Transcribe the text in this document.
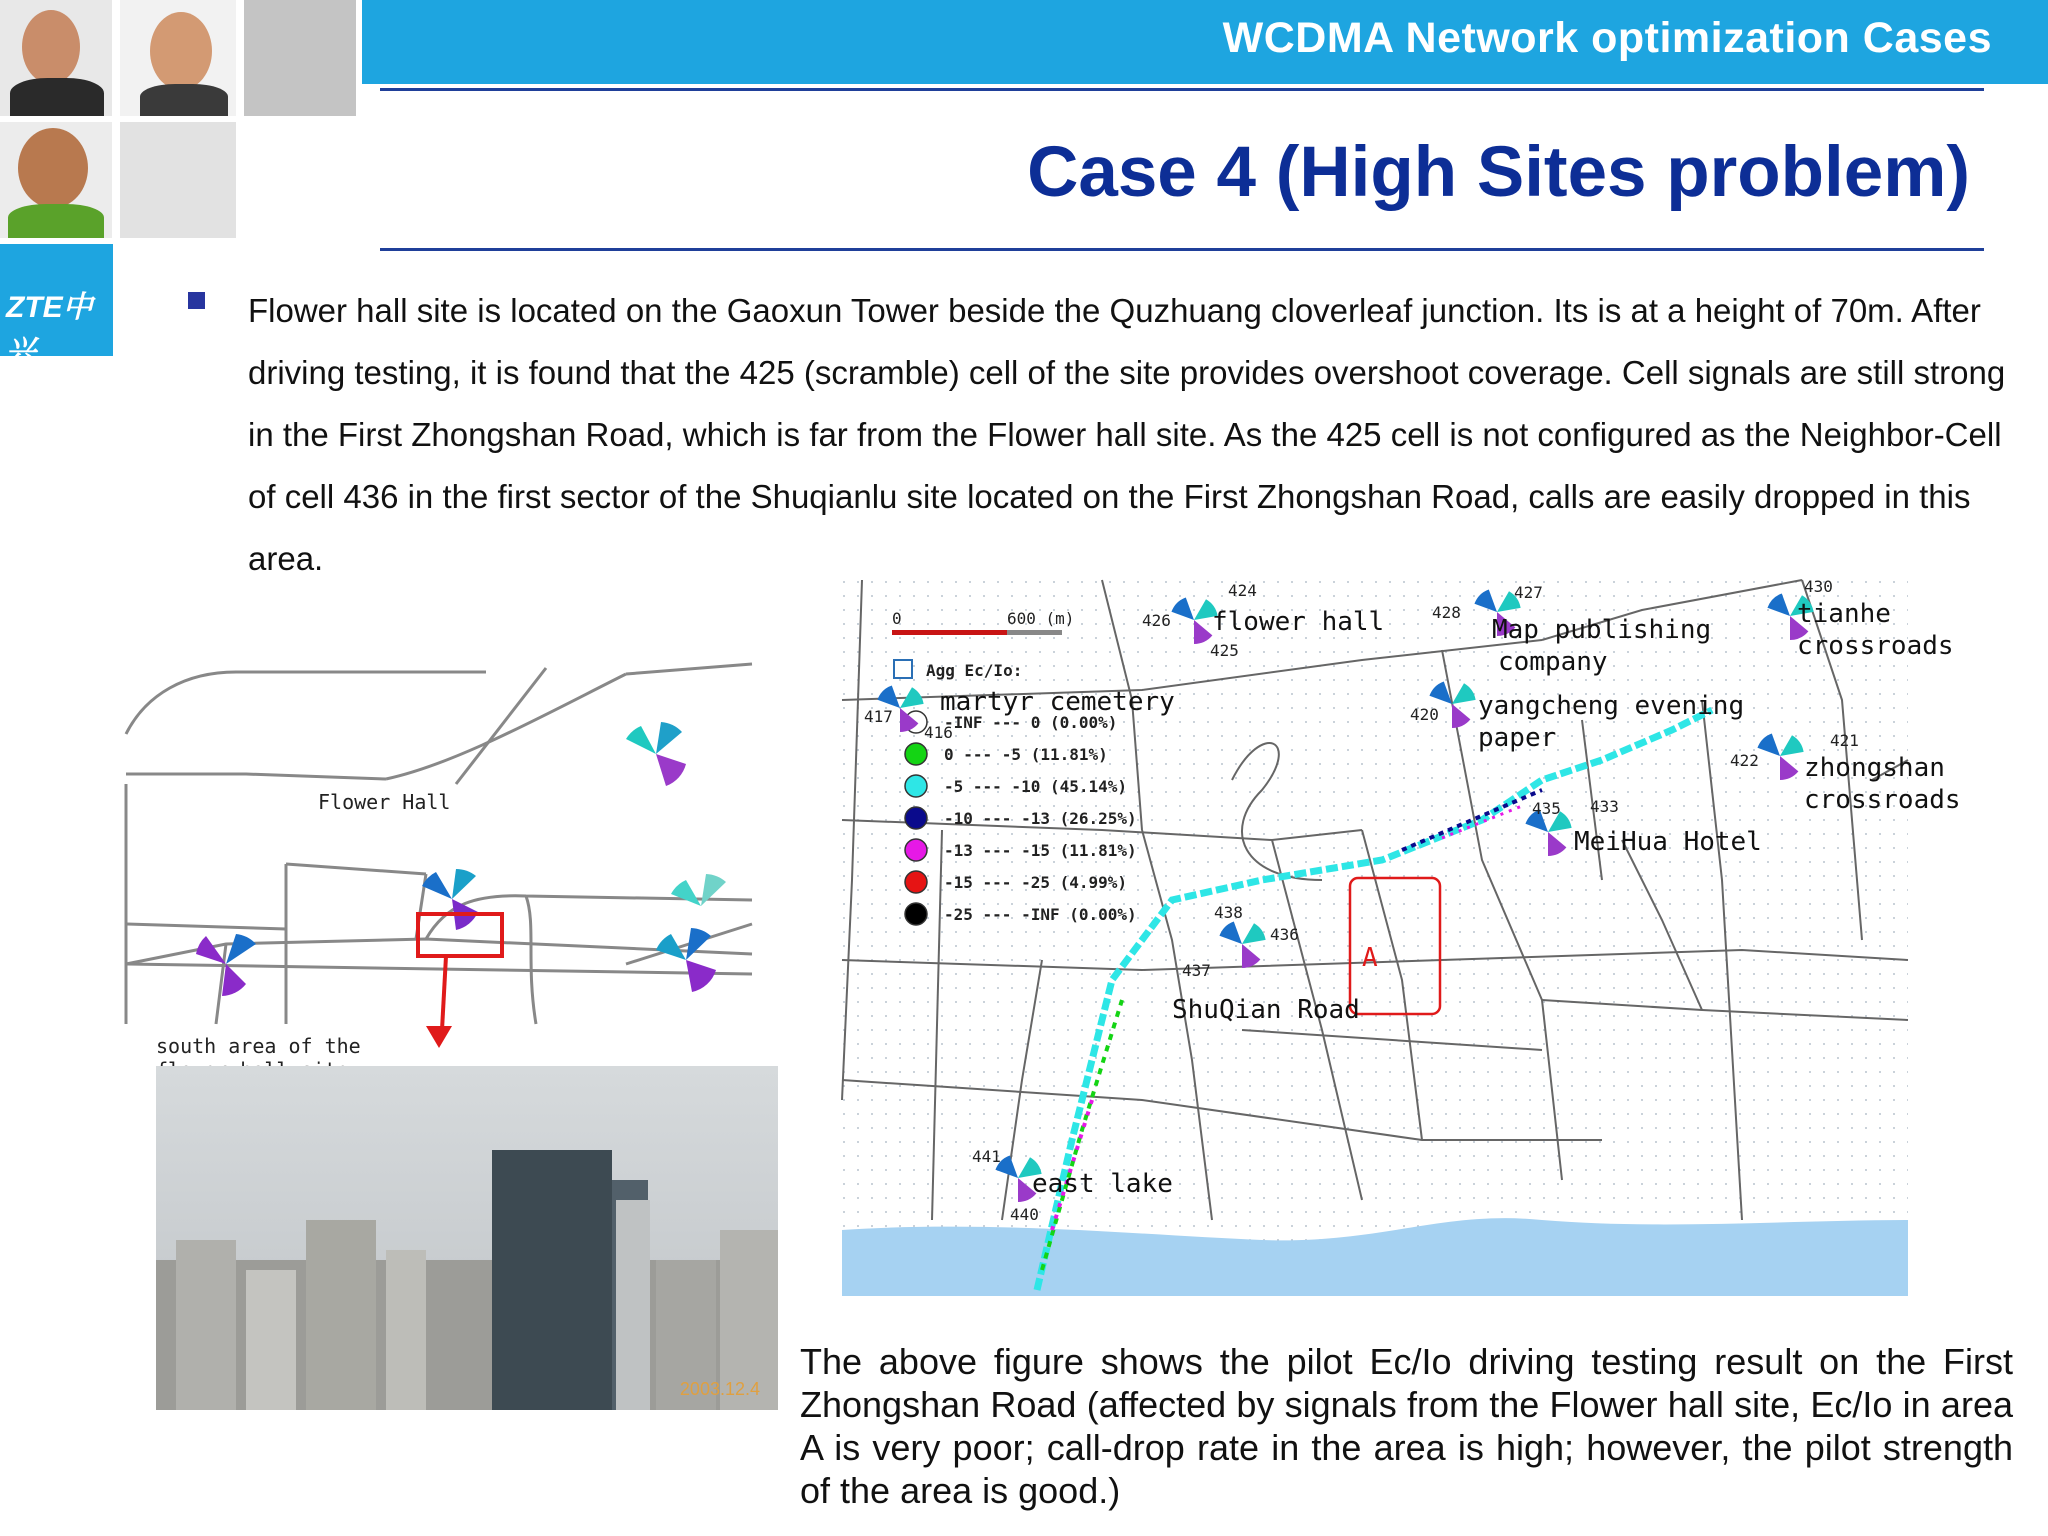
WCDMA Network optimization Cases
ZTE中兴
Case 4 (High Sites problem)

Flower hall site is located on the Gaoxun Tower beside the Quzhuang cloverleaf junction. Its is at a height of 70m. After driving testing, it is found that the 425 (scramble) cell of the site provides overshoot coverage. Cell signals are still strong in the First Zhongshan Road, which is far from the Flower hall site. As the 425 cell is not configured as the Neighbor-Cell of cell 436 in the first sector of the Shuqianlu site located on the First Zhongshan Road, calls are easily dropped in this area.

Flower Hall
south area of the
2003.12.4
A
0	600 (m)
Agg Ec/Io:
-INF --- 0 (0.00%)
0 --- -5 (11.81%)
-5 --- -10 (45.14%)
-10 --- -13 (26.25%)
-13 --- -15 (11.81%)
-15 --- -25 (4.99%)
-25 --- -INF (0.00%)
flower hall	Map publishing
company
tianhe
crossroads
martyr cemetery	yangcheng evening
paper
zhongshan
crossroads
MeiHua Hotel
ShuQian Road
east lake
424
426
425
427
428
430
417
416
420
421
422
435 433
438
436
437
441
440

The above figure shows the pilot Ec/Io driving testing result on the First Zhongshan Road (affected by signals from the Flower hall site, Ec/Io in area A is very poor; call-drop rate in the area is high; however, the pilot strength of the area is good.)
